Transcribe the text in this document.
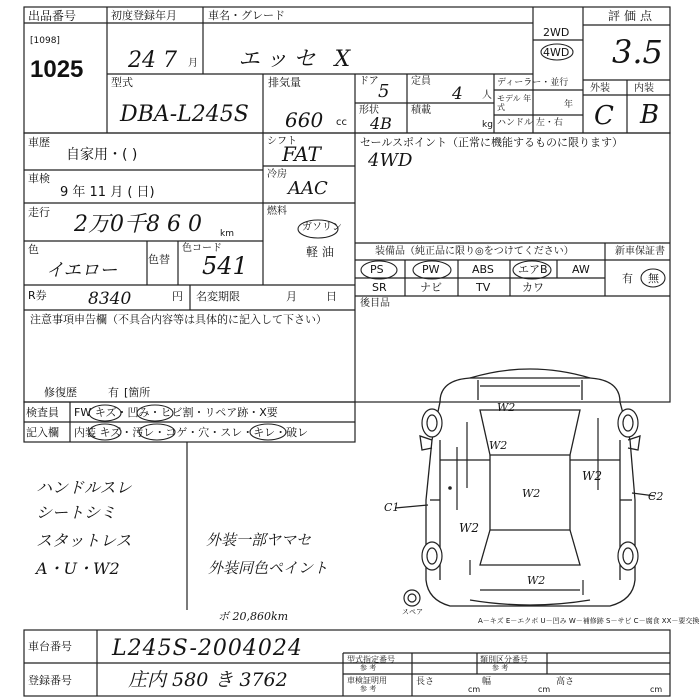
出品番号
[1098]
1025
初度登録年月
24 7 月
車名・グレード
エッセ X
2WD
4WD
評価点
3.5
外装 内装
C B
型式
DBA-L245S
排気量
660 cc
ドア 5 定員
4 人
形状
4B
積載
kg
ディーラー・並行
モデル 年式	年
ハンドル 左・右
車歴
自家用・( )
車検
9 年 11 月 ( 日)
走行 2万0千8 6 0 km
色
イエロー
色替
色コード
541
R券 8340	円 名変期限	月	日
シフト
FAT
冷房
AAC
燃料
ガソリン
軽 油
セールスポイント（正常に機能するものに限ります）
4WD
装備品（純正品に限り◎をつけてください）
PS	PW	ABS エアB AW
SR	ナビ	TV	カワ
新車保証書
有 無
後目品
注意事項申告欄（不具合内容等は具体的に記入して下さい）
修復歴	有 [箇所
検査員
記入欄
FW キズ・凹み・ヒビ割・リペア跡・X要
内装 キズ・汚レ・コゲ・穴・スレ・キレ・破レ
ハンドルスレ
シートシミ
スタットレス
A・U・W2
外装一部ヤマセ
外装同色ペイント
ボ 20,860km
W2
W2
W2
W2
W2
W2
C1
C2
スペア
A－キズ E－エクボ U－凹み W－補修跡 S－サビ C－腐食 XX－要交換
車台番号 L245S-2004024
登録番号	庄内 580 き 3762
型式指定番号
参 考
類別区分番号
参 考
車検証明用
参 考
長さ
cm
幅
cm
高さ
cm
